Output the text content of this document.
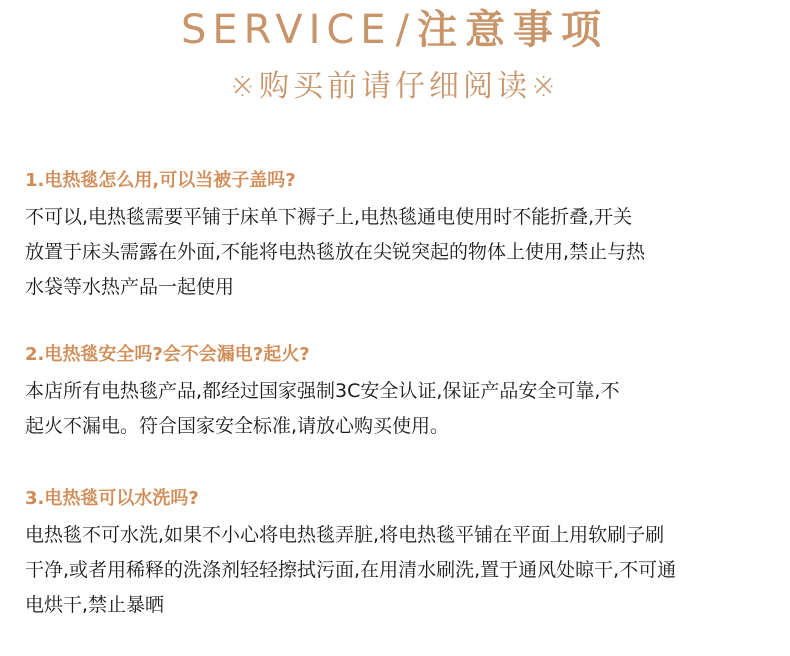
SERVICE / 注意事项
※购买前请仔细阅读※
1.电热毯怎么用,可以当被子盖吗?
不可以,电热毯需要平铺于床单下褥子上,电热毯通电使用时不能折叠,开关
放置于床头需露在外面,不能将电热毯放在尖锐突起的物体上使用,禁止与热
水袋等水热产品一起使用
2.电热毯安全吗?会不会漏电?起火?
本店所有电热毯产品,都经过国家强制3C安全认证,保证产品安全可靠,不
起火不漏电。符合国家安全标准,请放心购买使用。
3.电热毯可以水洗吗?
电热毯不可水洗,如果不小心将电热毯弄脏,将电热毯平铺在平面上用软刷子刷
干净,或者用稀释的洗涤剂轻轻擦拭污面,在用清水刷洗,置于通风处晾干,不可通
电烘干,禁止暴晒
